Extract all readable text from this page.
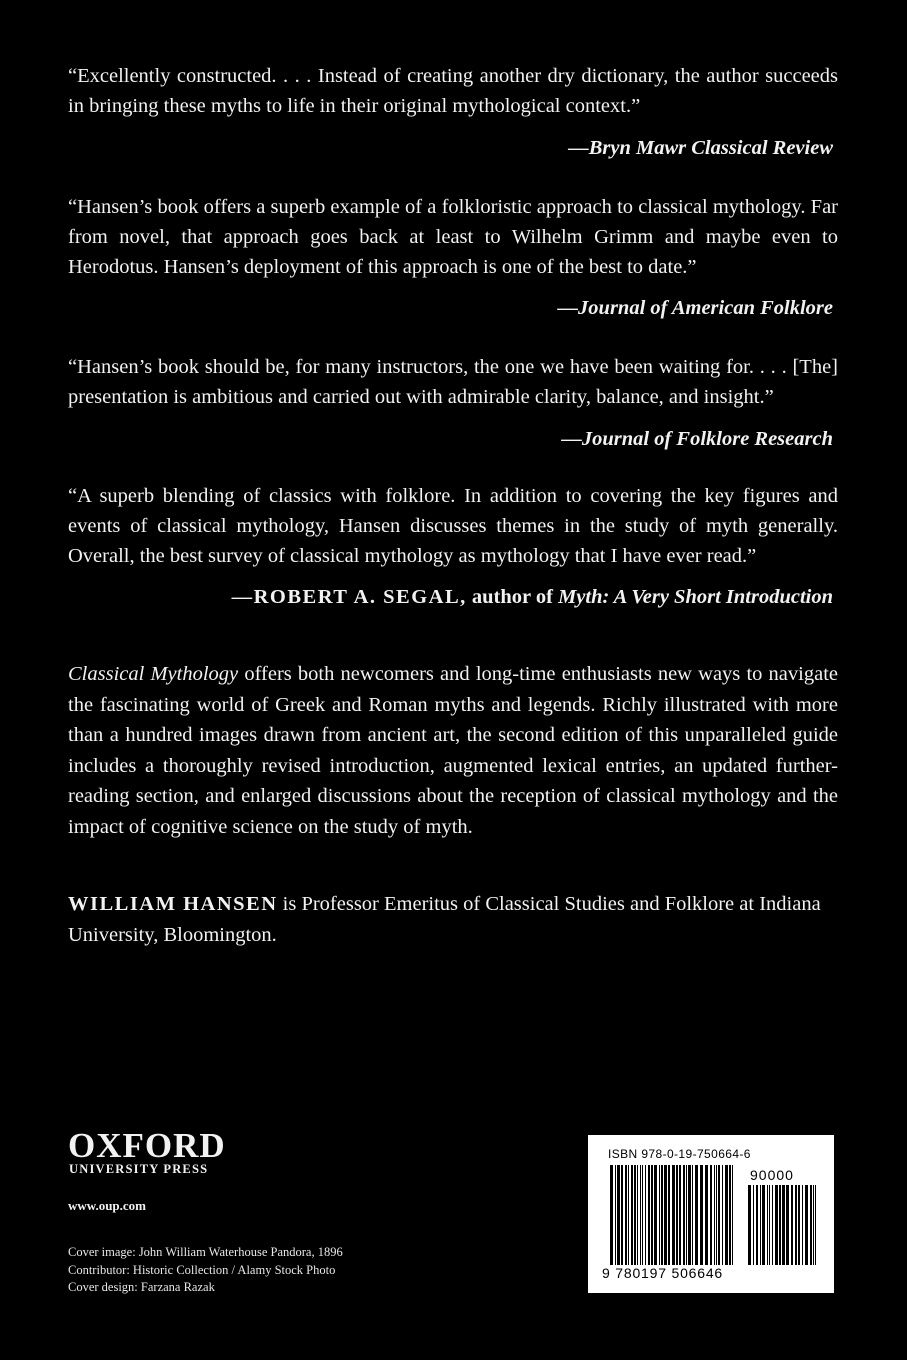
“Excellently constructed. . . . Instead of creating another dry dictionary, the author succeeds in bringing these myths to life in their original mythological context.”

—Bryn Mawr Classical Review

“Hansen’s book offers a superb example of a folkloristic approach to classical mythology. Far from novel, that approach goes back at least to Wilhelm Grimm and maybe even to Herodotus. Hansen’s deployment of this approach is one of the best to date.”

—Journal of American Folklore

“Hansen’s book should be, for many instructors, the one we have been waiting for. . . . [The] presentation is ambitious and carried out with admirable clarity, balance, and insight.”

—Journal of Folklore Research

“A superb blending of classics with folklore. In addition to covering the key figures and events of classical mythology, Hansen discusses themes in the study of myth generally. Overall, the best survey of classical mythology as mythology that I have ever read.”

—ROBERT A. SEGAL, author of Myth: A Very Short Introduction

Classical Mythology offers both newcomers and long-time enthusiasts new ways to navigate the fascinating world of Greek and Roman myths and legends. Richly illustrated with more than a hundred images drawn from ancient art, the second edition of this unparalleled guide includes a thoroughly revised introduction, augmented lexical entries, an updated further-reading section, and enlarged discussions about the reception of classical mythology and the impact of cognitive science on the study of myth.

WILLIAM HANSEN is Professor Emeritus of Classical Studies and Folklore at Indiana University, Bloomington.

OXFORD
UNIVERSITY PRESS
www.oup.com
Cover image: John William Waterhouse Pandora, 1896
Contributor: Historic Collection / Alamy Stock Photo
Cover design: Farzana Razak
ISBN 978-0-19-750664-6
90000
9 780197 506646
